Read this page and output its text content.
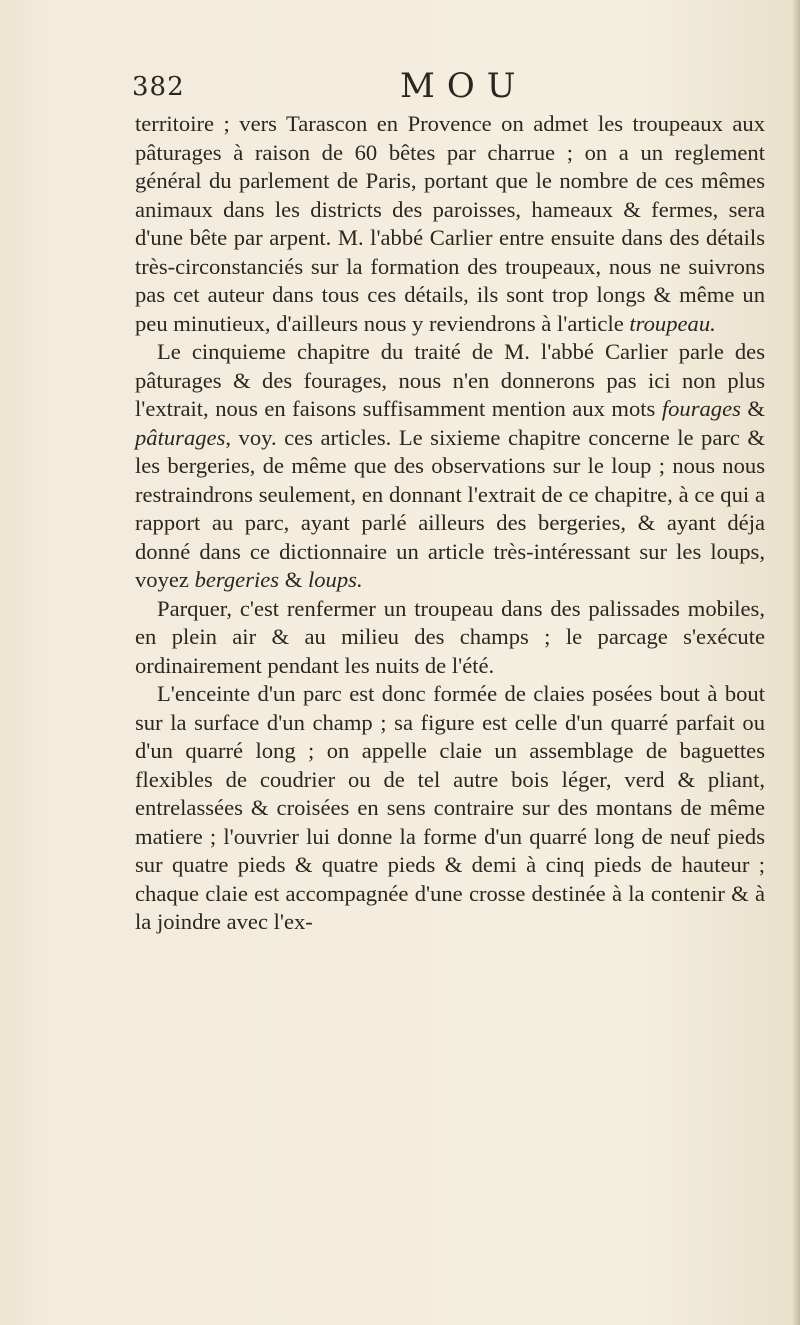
382	MOU

territoire ; vers Tarascon en Provence on admet les troupeaux aux pâturages à raison de 60 bêtes par charrue ; on a un reglement général du parlement de Paris, portant que le nombre de ces mêmes animaux dans les districts des paroisses, hameaux & fermes, sera d'une bête par arpent. M. l'abbé Carlier entre ensuite dans des détails très-circonstanciés sur la formation des troupeaux, nous ne suivrons pas cet auteur dans tous ces détails, ils sont trop longs & même un peu minutieux, d'ailleurs nous y reviendrons à l'article troupeau.

Le cinquieme chapitre du traité de M. l'abbé Carlier parle des pâturages & des fourages, nous n'en donnerons pas ici non plus l'extrait, nous en faisons suffisamment mention aux mots fourages & pâturages, voy. ces articles. Le sixieme chapitre concerne le parc & les bergeries, de même que des observations sur le loup ; nous nous restraindrons seulement, en donnant l'extrait de ce chapitre, à ce qui a rapport au parc, ayant parlé ailleurs des bergeries, & ayant déja donné dans ce dictionnaire un article très-intéressant sur les loups, voyez bergeries & loups.

Parquer, c'est renfermer un troupeau dans des palissades mobiles, en plein air & au milieu des champs ; le parcage s'exécute ordinairement pendant les nuits de l'été.

L'enceinte d'un parc est donc formée de claies posées bout à bout sur la surface d'un champ ; sa figure est celle d'un quarré parfait ou d'un quarré long ; on appelle claie un assemblage de baguettes flexibles de coudrier ou de tel autre bois léger, verd & pliant, entrelassées & croisées en sens contraire sur des montans de même matiere ; l'ouvrier lui donne la forme d'un quarré long de neuf pieds sur quatre pieds & quatre pieds & demi à cinq pieds de hauteur ; chaque claie est accompagnée d'une crosse destinée à la contenir & à la joindre avec l'ex-
